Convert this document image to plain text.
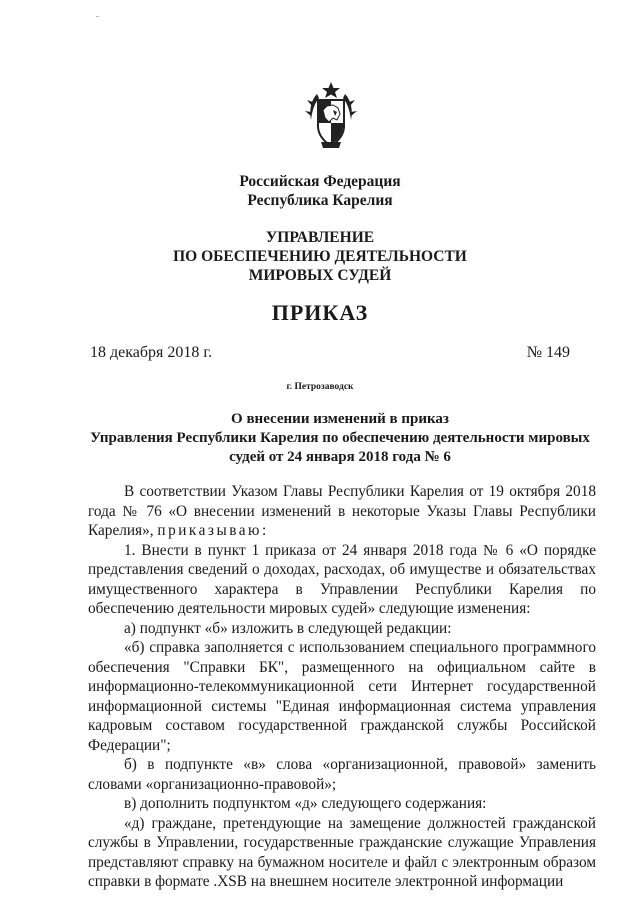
Российская Федерация
Республика Карелия
УПРАВЛЕНИЕ
ПО ОБЕСПЕЧЕНИЮ ДЕЯТЕЛЬНОСТИ
МИРОВЫХ СУДЕЙ
ПРИКАЗ
18 декабря 2018 г.	№ 149
г. Петрозаводск
О внесении изменений в приказ
Управления Республики Карелия по обеспечению деятельности мировых
судей от 24 января 2018 года № 6

В соответствии Указом Главы Республики Карелия от 19 октября 2018 года № 76 «О внесении изменений в некоторые Указы Главы Республики Карелия», приказываю:

1. Внести в пункт 1 приказа от 24 января 2018 года № 6 «О порядке представления сведений о доходах, расходах, об имуществе и обязательствах имущественного характера в Управлении Республики Карелия по обеспечению деятельности мировых судей» следующие изменения:

а) подпункт «б» изложить в следующей редакции:

«б) справка заполняется с использованием специального программного обеспечения "Справки БК", размещенного на официальном сайте в информационно-телекоммуникационной сети Интернет государственной информационной системы "Единая информационная система управления кадровым составом государственной гражданской службы Российской Федерации";

б) в подпункте «в» слова «организационной, правовой» заменить словами «организационно-правовой»;

в) дополнить подпунктом «д» следующего содержания:

«д) граждане, претендующие на замещение должностей гражданской службы в Управлении, государственные гражданские служащие Управления представляют справку на бумажном носителе и файл с электронным образом справки в формате .XSB на внешнем носителе электронной информации
